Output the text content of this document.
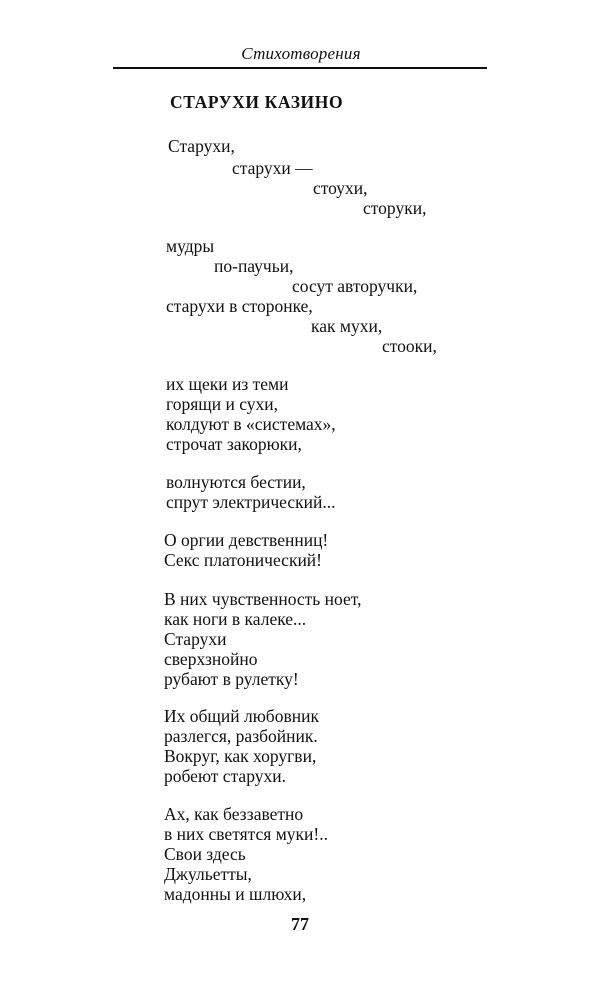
Стихотворения
СТАРУХИ КАЗИНО
Старухи,
старухи —
стоухи,
сторуки,
мудры
по-паучьи,
сосут авторучки,
старухи в сторонке,
как мухи,
стооки,
их щеки из теми
горящи и сухи,
колдуют в «системах»,
строчат закорюки,
волнуются бестии,
спрут электрический...
О оргии девственниц!
Секс платонический!
В них чувственность ноет,
как ноги в калеке...
Старухи
сверхзнойно
рубают в рулетку!
Их общий любовник
разлегся, разбойник.
Вокруг, как хоругви,
робеют старухи.
Ах, как беззаветно
в них светятся муки!..
Свои здесь
Джульетты,
мадонны и шлюхи,
77
